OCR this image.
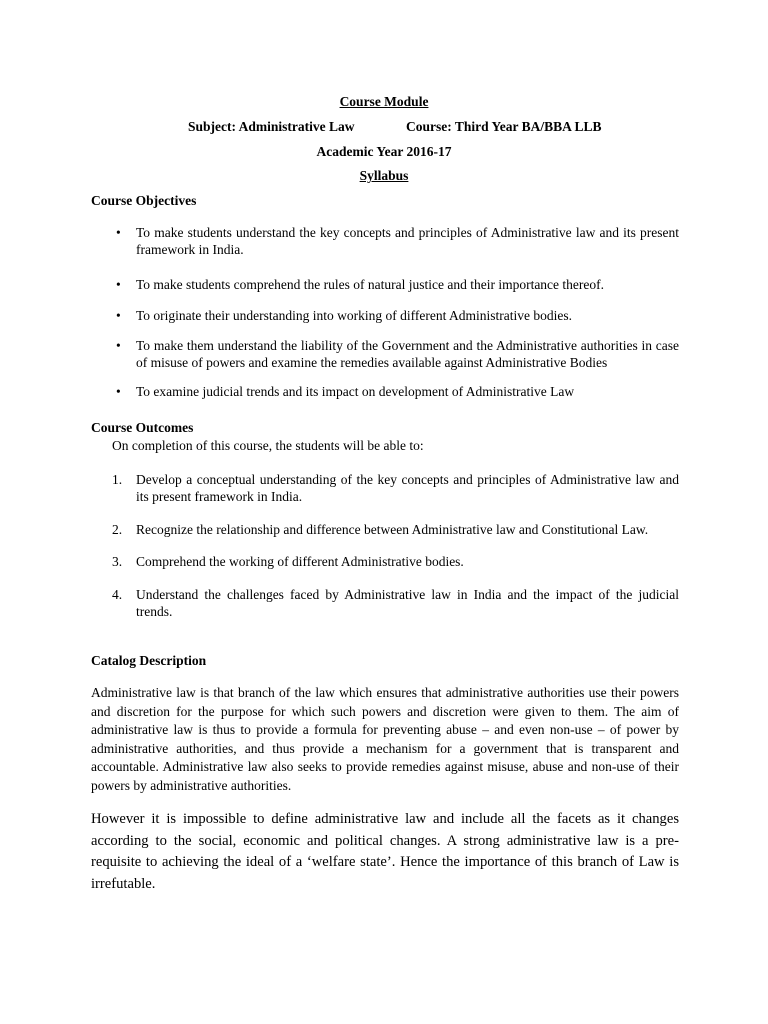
Course Module
Subject: Administrative Law	Course: Third Year BA/BBA LLB
Academic Year 2016-17
Syllabus
Course Objectives
• To make students understand the key concepts and principles of Administrative law and its present framework in India.
• To make students comprehend the rules of natural justice and their importance thereof.
• To originate their understanding into working of different Administrative bodies.
• To make them understand the liability of the Government and the Administrative authorities in case of misuse of powers and examine the remedies available against Administrative Bodies
• To examine judicial trends and its impact on development of Administrative Law
Course Outcomes
On completion of this course, the students will be able to:
1. Develop a conceptual understanding of the key concepts and principles of Administrative law and its present framework in India.
2. Recognize the relationship and difference between Administrative law and Constitutional Law.
3. Comprehend the working of different Administrative bodies.
4. Understand the challenges faced by Administrative law in India and the impact of the judicial trends.
Catalog Description

Administrative law is that branch of the law which ensures that administrative authorities use their powers and discretion for the purpose for which such powers and discretion were given to them. The aim of administrative law is thus to provide a formula for preventing abuse – and even non-use – of power by administrative authorities, and thus provide a mechanism for a government that is transparent and accountable. Administrative law also seeks to provide remedies against misuse, abuse and non-use of their powers by administrative authorities.

However it is impossible to define administrative law and include all the facets as it changes according to the social, economic and political changes. A strong administrative law is a pre-requisite to achieving the ideal of a ‘welfare state’. Hence the importance of this branch of Law is irrefutable.
